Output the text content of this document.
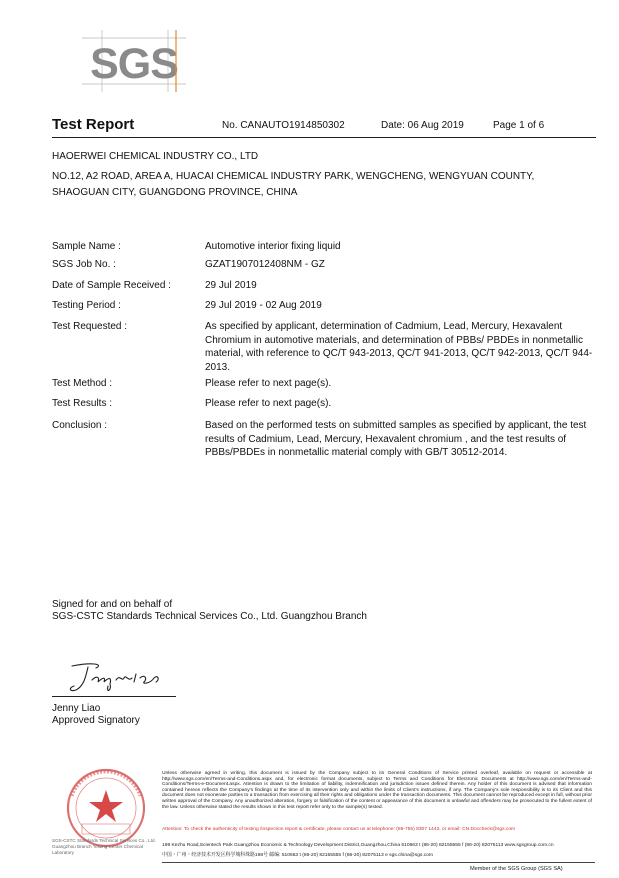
SGS
Test Report	No. CANAUTO1914850302	Date: 06 Aug 2019	Page 1 of 6
HAOERWEI CHEMICAL INDUSTRY CO., LTD
NO.12, A2 ROAD, AREA A, HUACAI CHEMICAL INDUSTRY PARK, WENGCHENG, WENGYUAN COUNTY,
SHAOGUAN CITY, GUANGDONG PROVINCE, CHINA
Sample Name :	Automotive interior fixing liquid
SGS Job No. :	GZAT1907012408NM - GZ
Date of Sample Received :	29 Jul 2019
Testing Period :	29 Jul 2019 - 02 Aug 2019
Test Requested :	As specified by applicant, determination of Cadmium, Lead, Mercury, Hexavalent Chromium in automotive materials, and determination of PBBs/ PBDEs in nonmetallic material, with reference to QC/T 943-2013, QC/T 941-2013, QC/T 942-2013, QC/T 944-2013.
Test Method :	Please refer to next page(s).
Test Results :	Please refer to next page(s).
Conclusion :	Based on the performed tests on submitted samples as specified by applicant, the test results of Cadmium, Lead, Mercury, Hexavalent chromium , and the test results of PBBs/PBDEs in nonmetallic material comply with GB/T 30512-2014.
Signed for and on behalf of
SGS-CSTC Standards Technical Services Co., Ltd. Guangzhou Branch
Jenny Liao
Approved Signatory
SGS-CSTC Standards Technical Services Co., Ltd.
Guangzhou Branch Testing Center Chemical Laboratory
Unless otherwise agreed in writing, this document is issued by the Company subject to its General Conditions of Service printed overleaf, available on request or accessible at http://www.sgs.com/en/Terms-and-Conditions.aspx and, for electronic format documents, subject to Terms and Conditions for Electronic Documents at http://www.sgs.com/en/Terms-and-Conditions/Terms-e-Document.aspx. Attention is drawn to the limitation of liability, indemnification and jurisdiction issues defined therein. Any holder of this document is advised that information contained hereon reflects the Company's findings at the time of its intervention only and within the limits of Client's instructions, if any. The Company's sole responsibility is to its Client and this document does not exonerate parties to a transaction from exercising all their rights and obligations under the transaction documents. This document cannot be reproduced except in full, without prior written approval of the Company. Any unauthorized alteration, forgery or falsification of the content or appearance of this document is unlawful and offenders may be prosecuted to the fullest extent of the law. Unless otherwise stated the results shown in this test report refer only to the sample(s) tested.
Attention: To check the authenticity of testing /inspection report & certificate, please contact us at telephone: (86-755) 8307 1443, or email: CN.Doccheck@sgs.com
198 Kezhu Road,Scientech Park Guangzhou Economic & Technology Development District,Guangzhou,China 510663 t (86-20) 82155555 f (86-20) 82075113 www.sgsgroup.com.cn
中国・广州・经济技术开发区科学城科珠路198号 邮编: 510663 t (86-20) 82155555 f (86-20) 82075113 e sgs.china@sgs.com
Member of the SGS Group (SGS SA)
